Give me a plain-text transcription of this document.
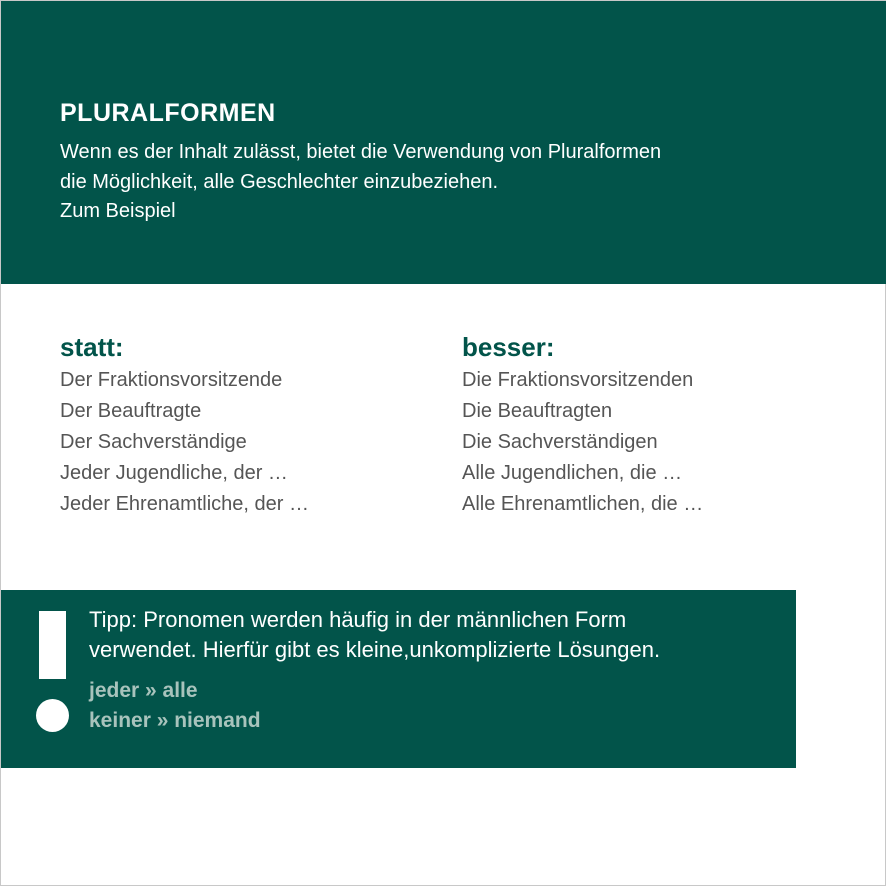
PLURALFORMEN
Wenn es der Inhalt zulässt, bietet die Verwendung von Pluralformen
die Möglichkeit, alle Geschlechter einzubeziehen.
Zum Beispiel
statt:
Der Fraktionsvorsitzende
Der Beauftragte
Der Sachverständige
Jeder Jugendliche, der …
Jeder Ehrenamtliche, der …
besser:
Die Fraktionsvorsitzenden
Die Beauftragten
Die Sachverständigen
Alle Jugendlichen, die …
Alle Ehrenamtlichen, die …
Tipp: Pronomen werden häufig in der männlichen Form
verwendet. Hierfür gibt es kleine,unkomplizierte Lösungen.
jeder » alle
keiner » niemand
